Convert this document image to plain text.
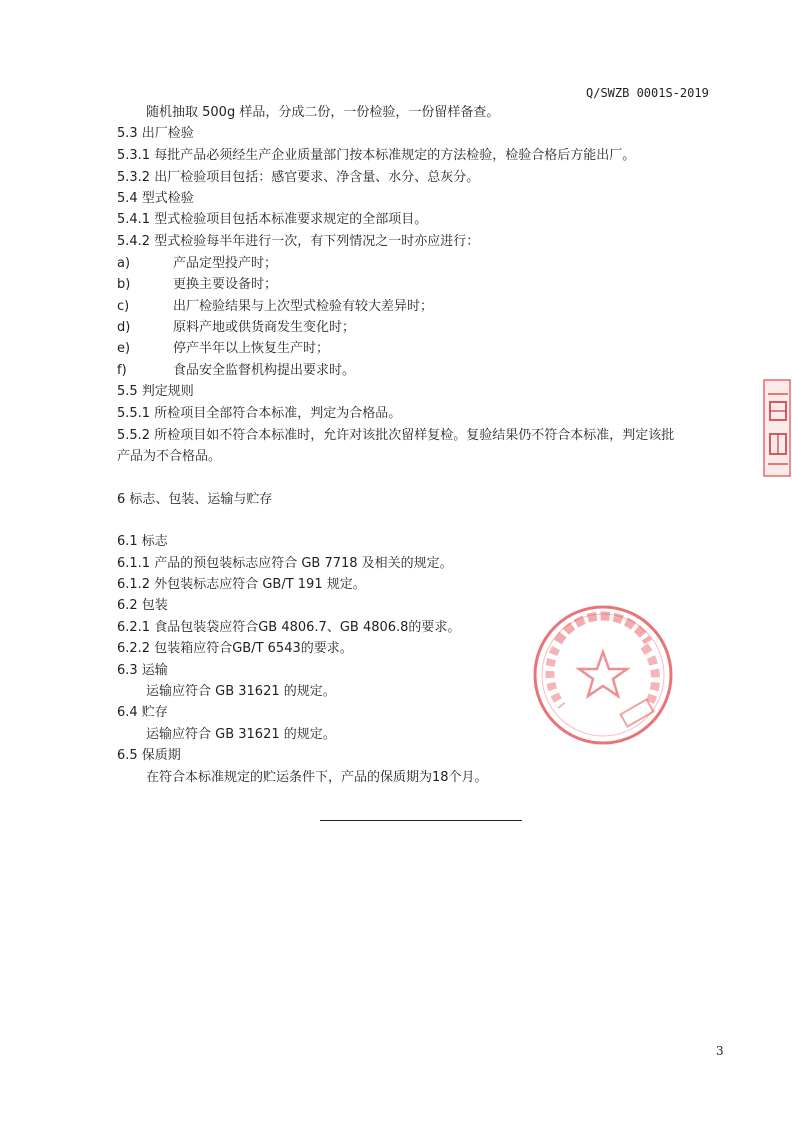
Q/SWZB 0001S-2019
随机抽取 500g 样品，分成二份，一份检验，一份留样备查。
5.3 出厂检验
5.3.1 每批产品必须经生产企业质量部门按本标准规定的方法检验，检验合格后方能出厂。
5.3.2 出厂检验项目包括：感官要求、净含量、水分、总灰分。
5.4 型式检验
5.4.1 型式检验项目包括本标准要求规定的全部项目。
5.4.2 型式检验每半年进行一次，有下列情况之一时亦应进行：
a)	产品定型投产时；
b)	更换主要设备时；
c)	出厂检验结果与上次型式检验有较大差异时；
d)	原料产地或供货商发生变化时；
e)	停产半年以上恢复生产时；
f)	食品安全监督机构提出要求时。
5.5 判定规则
5.5.1 所检项目全部符合本标准，判定为合格品。
5.5.2 所检项目如不符合本标准时，允许对该批次留样复检。复验结果仍不符合本标准，判定该批
产品为不合格品。
6 标志、包装、运输与贮存
6.1 标志
6.1.1 产品的预包装标志应符合 GB 7718 及相关的规定。
6.1.2 外包装标志应符合 GB/T 191 规定。
6.2 包装
6.2.1 食品包装袋应符合GB 4806.7、GB 4806.8的要求。
6.2.2 包装箱应符合GB/T 6543的要求。
6.3 运输
运输应符合 GB 31621 的规定。
6.4 贮存
运输应符合 GB 31621 的规定。
6.5 保质期
在符合本标准规定的贮运条件下，产品的保质期为18个月。
3
